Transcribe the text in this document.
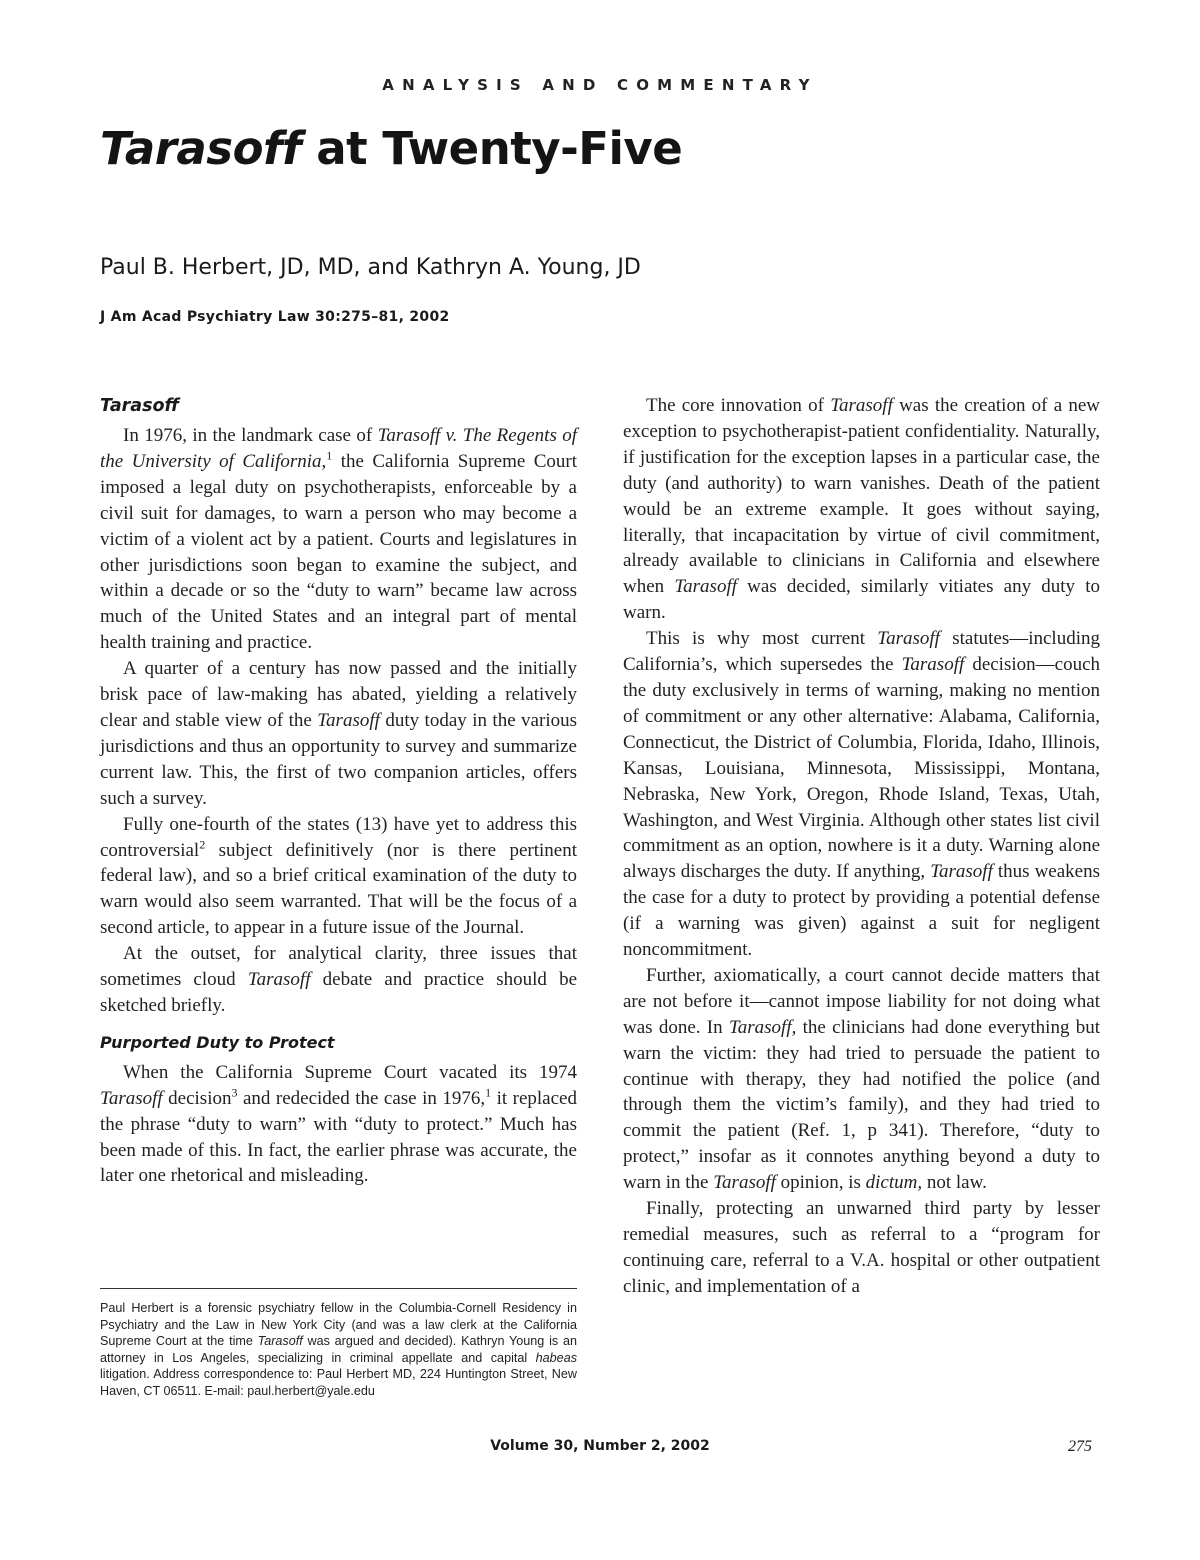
ANALYSIS AND COMMENTARY
Tarasoff at Twenty-Five
Paul B. Herbert, JD, MD, and Kathryn A. Young, JD
J Am Acad Psychiatry Law 30:275–81, 2002
Tarasoff

In 1976, in the landmark case of Tarasoff v. The Regents of the University of California,$^1$ the California Supreme Court imposed a legal duty on psychotherapists, enforceable by a civil suit for damages, to warn a person who may become a victim of a violent act by a patient. Courts and legislatures in other jurisdictions soon began to examine the subject, and within a decade or so the “duty to warn” became law across much of the United States and an integral part of mental health training and practice.

A quarter of a century has now passed and the initially brisk pace of law-making has abated, yielding a relatively clear and stable view of the Tarasoff duty today in the various jurisdictions and thus an opportunity to survey and summarize current law. This, the first of two companion articles, offers such a survey.

Fully one-fourth of the states (13) have yet to address this controversial$^2$ subject definitively (nor is there pertinent federal law), and so a brief critical examination of the duty to warn would also seem warranted. That will be the focus of a second article, to appear in a future issue of the Journal.

At the outset, for analytical clarity, three issues that sometimes cloud Tarasoff debate and practice should be sketched briefly.

Purported Duty to Protect

When the California Supreme Court vacated its 1974 Tarasoff decision$^3$ and redecided the case in 1976,$^1$ it replaced the phrase “duty to warn” with “duty to protect.” Much has been made of this. In fact, the earlier phrase was accurate, the later one rhetorical and misleading.

Paul Herbert is a forensic psychiatry fellow in the Columbia-Cornell Residency in Psychiatry and the Law in New York City (and was a law clerk at the California Supreme Court at the time Tarasoff was argued and decided). Kathryn Young is an attorney in Los Angeles, specializing in criminal appellate and capital habeas litigation. Address correspondence to: Paul Herbert MD, 224 Huntington Street, New Haven, CT 06511. E-mail: paul.herbert@yale.edu

The core innovation of Tarasoff was the creation of a new exception to psychotherapist-patient confidentiality. Naturally, if justification for the exception lapses in a particular case, the duty (and authority) to warn vanishes. Death of the patient would be an extreme example. It goes without saying, literally, that incapacitation by virtue of civil commitment, already available to clinicians in California and elsewhere when Tarasoff was decided, similarly vitiates any duty to warn.

This is why most current Tarasoff statutes—including California’s, which supersedes the Tarasoff decision—couch the duty exclusively in terms of warning, making no mention of commitment or any other alternative: Alabama, California, Connecticut, the District of Columbia, Florida, Idaho, Illinois, Kansas, Louisiana, Minnesota, Mississippi, Montana, Nebraska, New York, Oregon, Rhode Island, Texas, Utah, Washington, and West Virginia. Although other states list civil commitment as an option, nowhere is it a duty. Warning alone always discharges the duty. If anything, Tarasoff thus weakens the case for a duty to protect by providing a potential defense (if a warning was given) against a suit for negligent noncommitment.

Further, axiomatically, a court cannot decide matters that are not before it—cannot impose liability for not doing what was done. In Tarasoff, the clinicians had done everything but warn the victim: they had tried to persuade the patient to continue with therapy, they had notified the police (and through them the victim’s family), and they had tried to commit the patient (Ref. 1, p 341). Therefore, “duty to protect,” insofar as it connotes anything beyond a duty to warn in the Tarasoff opinion, is dictum, not law.

Finally, protecting an unwarned third party by lesser remedial measures, such as referral to a “program for continuing care, referral to a V.A. hospital or other outpatient clinic, and implementation of a

Volume 30, Number 2, 2002	275
